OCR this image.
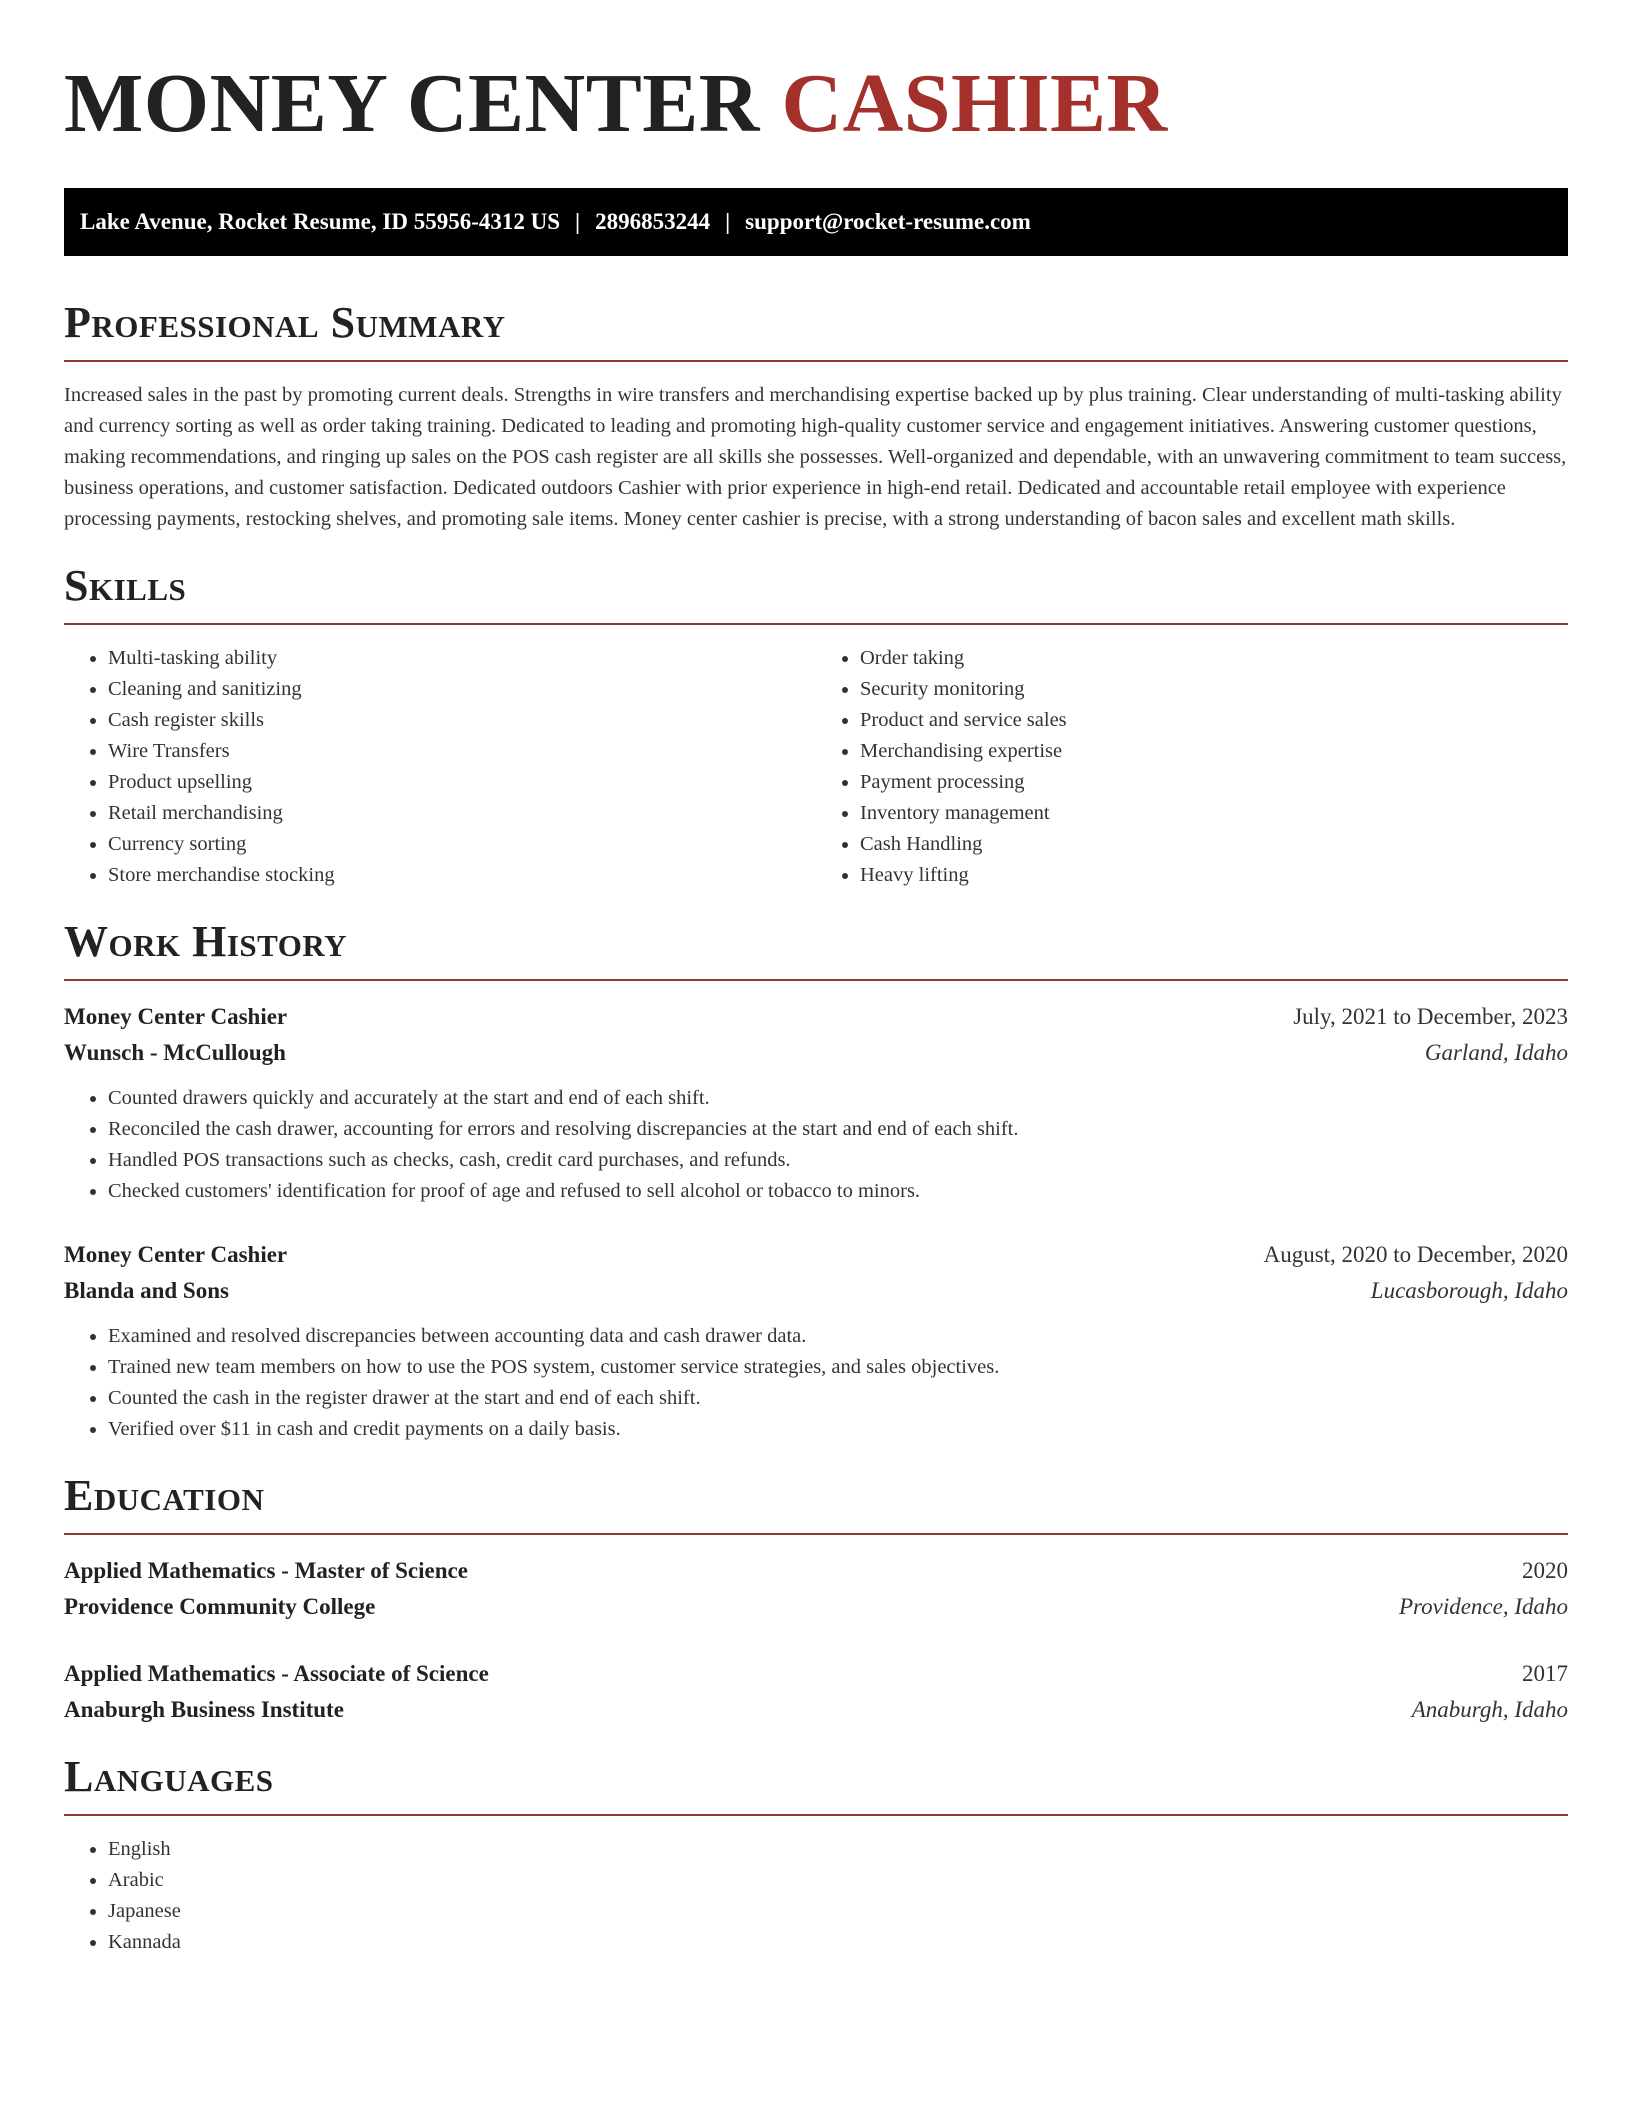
MONEY CENTER CASHIER
Lake Avenue, Rocket Resume, ID 55956-4312 US | 2896853244 | support@rocket-resume.com
Professional Summary

Increased sales in the past by promoting current deals. Strengths in wire transfers and merchandising expertise backed up by plus training. Clear understanding of multi-tasking ability and currency sorting as well as order taking training. Dedicated to leading and promoting high-quality customer service and engagement initiatives. Answering customer questions, making recommendations, and ringing up sales on the POS cash register are all skills she possesses. Well-organized and dependable, with an unwavering commitment to team success, business operations, and customer satisfaction. Dedicated outdoors Cashier with prior experience in high-end retail. Dedicated and accountable retail employee with experience processing payments, restocking shelves, and promoting sale items. Money center cashier is precise, with a strong understanding of bacon sales and excellent math skills.

Skills
• Multi-tasking ability
• Cleaning and sanitizing
• Cash register skills
• Wire Transfers
• Product upselling
• Retail merchandising
• Currency sorting
• Store merchandise stocking
• Order taking
• Security monitoring
• Product and service sales
• Merchandising expertise
• Payment processing
• Inventory management
• Cash Handling
• Heavy lifting
Work History
Money Center Cashier	July, 2021 to December, 2023
Wunsch - McCullough	Garland, Idaho
• Counted drawers quickly and accurately at the start and end of each shift.
• Reconciled the cash drawer, accounting for errors and resolving discrepancies at the start and end of each shift.
• Handled POS transactions such as checks, cash, credit card purchases, and refunds.
• Checked customers' identification for proof of age and refused to sell alcohol or tobacco to minors.
Money Center Cashier	August, 2020 to December, 2020
Blanda and Sons	Lucasborough, Idaho
• Examined and resolved discrepancies between accounting data and cash drawer data.
• Trained new team members on how to use the POS system, customer service strategies, and sales objectives.
• Counted the cash in the register drawer at the start and end of each shift.
• Verified over $11 in cash and credit payments on a daily basis.
Education
Applied Mathematics - Master of Science	2020
Providence Community College	Providence, Idaho
Applied Mathematics - Associate of Science	2017
Anaburgh Business Institute	Anaburgh, Idaho
Languages
• English
• Arabic
• Japanese
• Kannada
